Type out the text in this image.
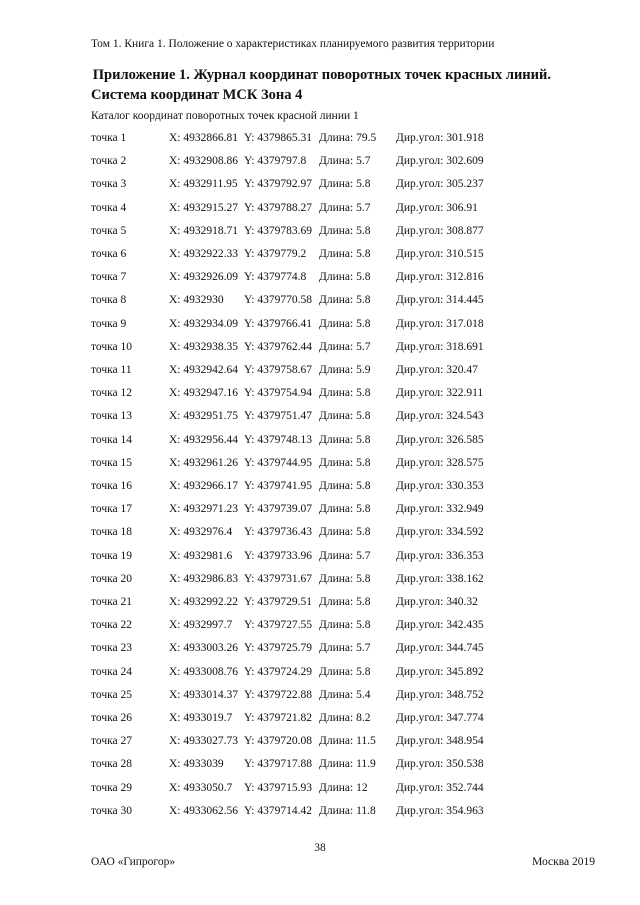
Том 1. Книга 1. Положение о характеристиках планируемого развития территории
Приложение 1. Журнал координат поворотных точек красных линий.
Система координат МСК Зона 4
Каталог координат поворотных точек красной линии 1
точка 1	X: 4932866.81 Y: 4379865.31 Длина: 79.5 Дир.угол: 301.918
точка 2	X: 4932908.86 Y: 4379797.8 Длина: 5.7 Дир.угол: 302.609
точка 3	X: 4932911.95 Y: 4379792.97 Длина: 5.8 Дир.угол: 305.237
точка 4	X: 4932915.27 Y: 4379788.27 Длина: 5.7 Дир.угол: 306.91
точка 5	X: 4932918.71 Y: 4379783.69 Длина: 5.8 Дир.угол: 308.877
точка 6	X: 4932922.33 Y: 4379779.2 Длина: 5.8 Дир.угол: 310.515
точка 7	X: 4932926.09 Y: 4379774.8 Длина: 5.8 Дир.угол: 312.816
точка 8	X: 4932930 Y: 4379770.58 Длина: 5.8 Дир.угол: 314.445
точка 9	X: 4932934.09 Y: 4379766.41 Длина: 5.8 Дир.угол: 317.018
точка 10	X: 4932938.35 Y: 4379762.44 Длина: 5.7 Дир.угол: 318.691
точка 11	X: 4932942.64 Y: 4379758.67 Длина: 5.9 Дир.угол: 320.47
точка 12	X: 4932947.16 Y: 4379754.94 Длина: 5.8 Дир.угол: 322.911
точка 13	X: 4932951.75 Y: 4379751.47 Длина: 5.8 Дир.угол: 324.543
точка 14	X: 4932956.44 Y: 4379748.13 Длина: 5.8 Дир.угол: 326.585
точка 15	X: 4932961.26 Y: 4379744.95 Длина: 5.8 Дир.угол: 328.575
точка 16	X: 4932966.17 Y: 4379741.95 Длина: 5.8 Дир.угол: 330.353
точка 17	X: 4932971.23 Y: 4379739.07 Длина: 5.8 Дир.угол: 332.949
точка 18	X: 4932976.4 Y: 4379736.43 Длина: 5.8 Дир.угол: 334.592
точка 19	X: 4932981.6 Y: 4379733.96 Длина: 5.7 Дир.угол: 336.353
точка 20	X: 4932986.83 Y: 4379731.67 Длина: 5.8 Дир.угол: 338.162
точка 21	X: 4932992.22 Y: 4379729.51 Длина: 5.8 Дир.угол: 340.32
точка 22	X: 4932997.7 Y: 4379727.55 Длина: 5.8 Дир.угол: 342.435
точка 23	X: 4933003.26 Y: 4379725.79 Длина: 5.7 Дир.угол: 344.745
точка 24	X: 4933008.76 Y: 4379724.29 Длина: 5.8 Дир.угол: 345.892
точка 25	X: 4933014.37 Y: 4379722.88 Длина: 5.4 Дир.угол: 348.752
точка 26	X: 4933019.7 Y: 4379721.82 Длина: 8.2 Дир.угол: 347.774
точка 27	X: 4933027.73 Y: 4379720.08 Длина: 11.5 Дир.угол: 348.954
точка 28	X: 4933039 Y: 4379717.88 Длина: 11.9 Дир.угол: 350.538
точка 29	X: 4933050.7 Y: 4379715.93 Длина: 12 Дир.угол: 352.744
точка 30	X: 4933062.56 Y: 4379714.42 Длина: 11.8 Дир.угол: 354.963
38
ОАО «Гипрогор»	Москва 2019
